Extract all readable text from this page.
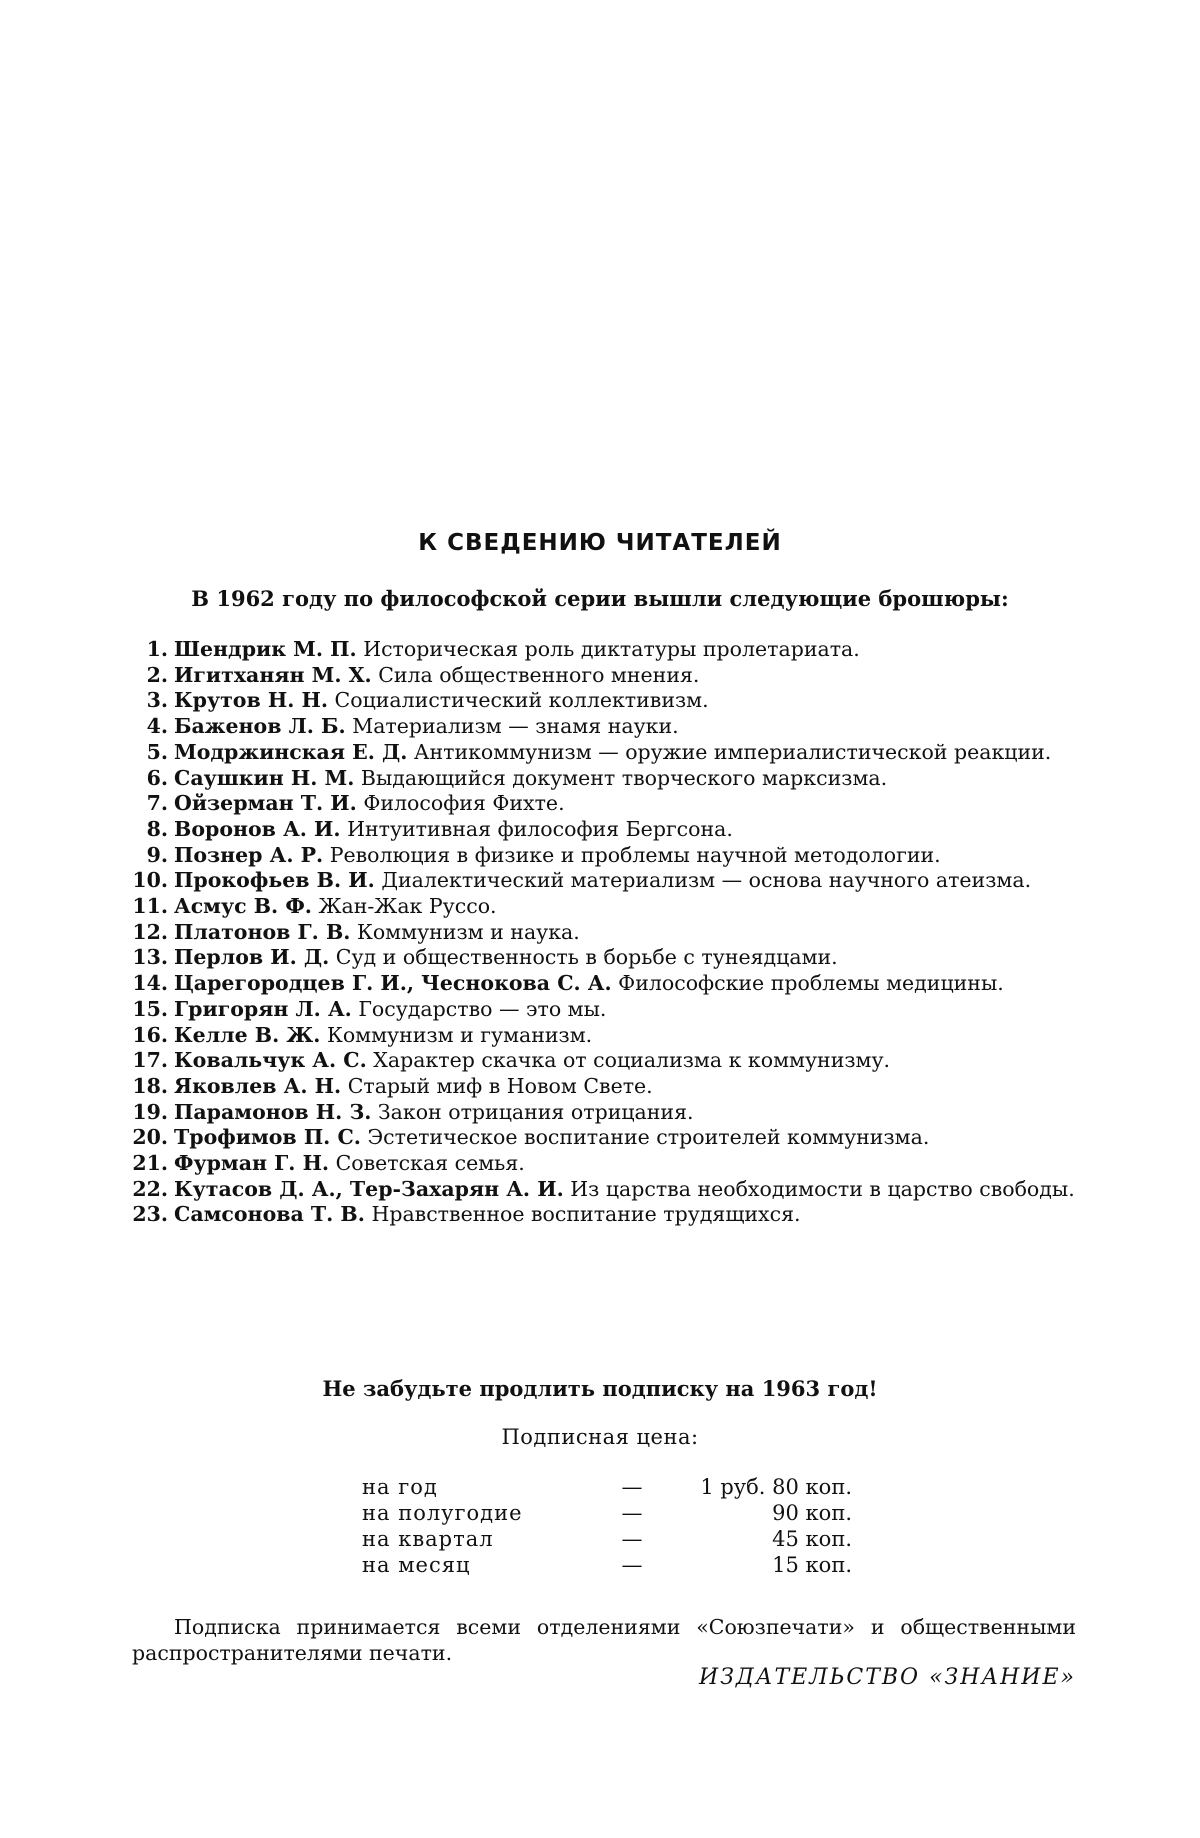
К СВЕДЕНИЮ ЧИТАТЕЛЕЙ
В 1962 году по философской серии вышли следующие брошюры:
1. Шендрик М. П. Историческая роль диктатуры пролетариата.
2. Игитханян М. Х. Сила общественного мнения.
3. Крутов Н. Н. Социалистический коллективизм.
4. Баженов Л. Б. Материализм — знамя науки.
5. Модржинская Е. Д. Антикоммунизм — оружие империалистической реакции.
6. Саушкин Н. М. Выдающийся документ творческого марксизма.
7. Ойзерман Т. И. Философия Фихте.
8. Воронов А. И. Интуитивная философия Бергсона.
9. Познер А. Р. Революция в физике и проблемы научной методологии.
10. Прокофьев В. И. Диалектический материализм — основа научного атеизма.
11. Асмус В. Ф. Жан-Жак Руссо.
12. Платонов Г. В. Коммунизм и наука.
13. Перлов И. Д. Суд и общественность в борьбе с тунеядцами.
14. Царегородцев Г. И., Чеснокова С. А. Философские проблемы медицины.
15. Григорян Л. А. Государство — это мы.
16. Келле В. Ж. Коммунизм и гуманизм.
17. Ковальчук А. С. Характер скачка от социализма к коммунизму.
18. Яковлев А. Н. Старый миф в Новом Свете.
19. Парамонов Н. З. Закон отрицания отрицания.
20. Трофимов П. С. Эстетическое воспитание строителей коммунизма.
21. Фурман Г. Н. Советская семья.
22. Кутасов Д. А., Тер-Захарян А. И. Из царства необходимости в царство свободы.
23. Самсонова Т. В. Нравственное воспитание трудящихся.
Не забудьте продлить подписку на 1963 год!
Подписная цена:
на год	—	1 руб. 80 коп.
на полугодие	—	90 коп.
на квартал	—	45 коп.
на месяц	—	15 коп.
Подписка принимается всеми отделениями «Союзпечати» и общественными распространителями печати.
ИЗДАТЕЛЬСТВО «ЗНАНИЕ»
